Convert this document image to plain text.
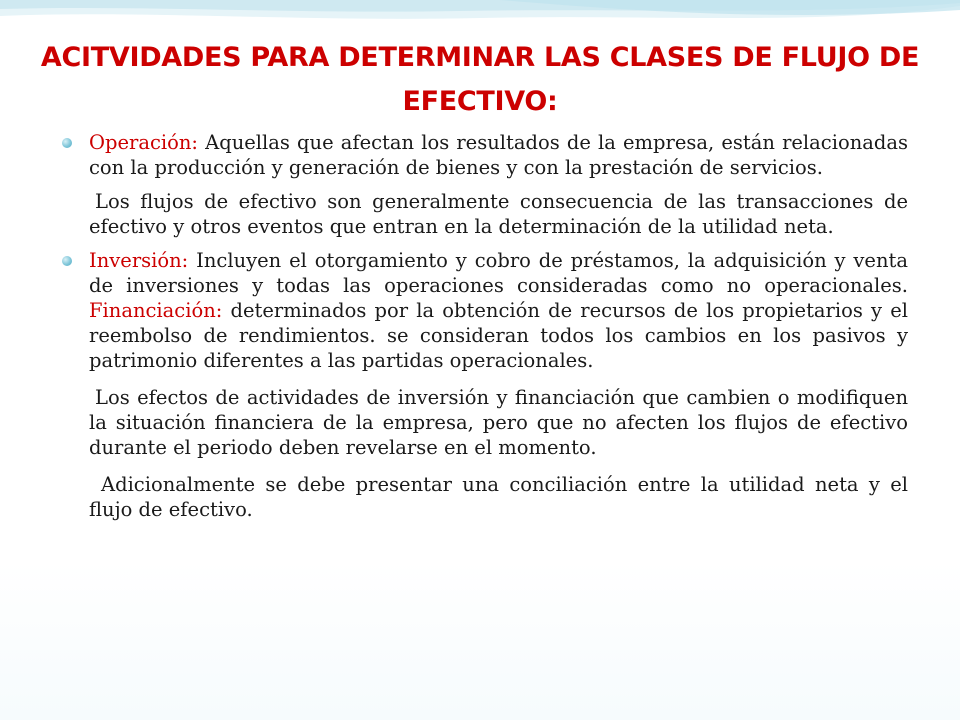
ACITVIDADES PARA DETERMINAR LAS CLASES DE FLUJO DE EFECTIVO:

Operación: Aquellas que afectan los resultados de la empresa, están relacionadas con la producción y generación de bienes y con la prestación de servicios.

Los flujos de efectivo son generalmente consecuencia de las transacciones de efectivo y otros eventos que entran en la determinación de la utilidad neta.

Inversión: Incluyen el otorgamiento y cobro de préstamos, la adquisición y venta de inversiones y todas las operaciones consideradas como no operacionales. Financiación: determinados por la obtención de recursos de los propietarios y el reembolso de rendimientos. se consideran todos los cambios en los pasivos y patrimonio diferentes a las partidas operacionales.

Los efectos de actividades de inversión y financiación que cambien o modifiquen la situación financiera de la empresa, pero que no afecten los flujos de efectivo durante el periodo deben revelarse en el momento.

Adicionalmente se debe presentar una conciliación entre la utilidad neta y el flujo de efectivo.
